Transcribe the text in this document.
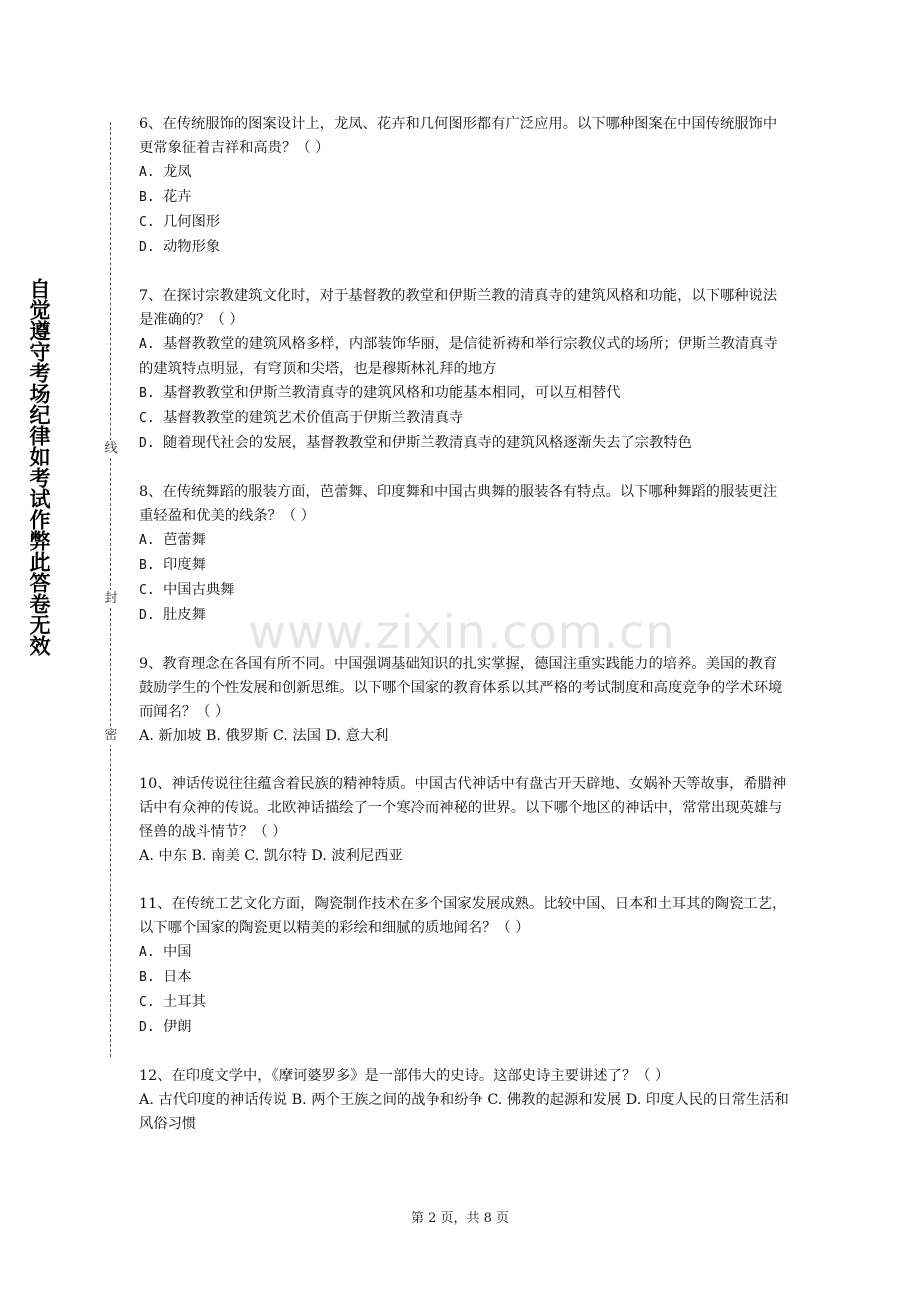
自觉遵守考场纪律如考试作弊此答卷无效	线
封
密
www.zixin.com.cn

6、在传统服饰的图案设计上，龙凤、花卉和几何图形都有广泛应用。以下哪种图案在中国传统服饰中更常象征着吉祥和高贵？（ ）

A. 龙凤

B. 花卉

C. 几何图形

D. 动物形象

7、在探讨宗教建筑文化时，对于基督教的教堂和伊斯兰教的清真寺的建筑风格和功能，以下哪种说法是准确的？（ ）

A. 基督教教堂的建筑风格多样，内部装饰华丽，是信徒祈祷和举行宗教仪式的场所；伊斯兰教清真寺的建筑特点明显，有穹顶和尖塔，也是穆斯林礼拜的地方

B. 基督教教堂和伊斯兰教清真寺的建筑风格和功能基本相同，可以互相替代

C. 基督教教堂的建筑艺术价值高于伊斯兰教清真寺

D. 随着现代社会的发展，基督教教堂和伊斯兰教清真寺的建筑风格逐渐失去了宗教特色

8、在传统舞蹈的服装方面，芭蕾舞、印度舞和中国古典舞的服装各有特点。以下哪种舞蹈的服装更注重轻盈和优美的线条？（ ）

A. 芭蕾舞

B. 印度舞

C. 中国古典舞

D. 肚皮舞

9、教育理念在各国有所不同。中国强调基础知识的扎实掌握，德国注重实践能力的培养。美国的教育鼓励学生的个性发展和创新思维。以下哪个国家的教育体系以其严格的考试制度和高度竞争的学术环境而闻名？（ ）

A. 新加坡 B. 俄罗斯 C. 法国 D. 意大利

10、神话传说往往蕴含着民族的精神特质。中国古代神话中有盘古开天辟地、女娲补天等故事，希腊神话中有众神的传说。北欧神话描绘了一个寒冷而神秘的世界。以下哪个地区的神话中，常常出现英雄与怪兽的战斗情节？（ ）

A. 中东 B. 南美 C. 凯尔特 D. 波利尼西亚

11、在传统工艺文化方面，陶瓷制作技术在多个国家发展成熟。比较中国、日本和土耳其的陶瓷工艺，以下哪个国家的陶瓷更以精美的彩绘和细腻的质地闻名？（ ）

A. 中国

B. 日本

C. 土耳其

D. 伊朗

12、在印度文学中，《摩诃婆罗多》是一部伟大的史诗。这部史诗主要讲述了？（ ）

A. 古代印度的神话传说 B. 两个王族之间的战争和纷争 C. 佛教的起源和发展 D. 印度人民的日常生活和风俗习惯

第 2 页，共 8 页
